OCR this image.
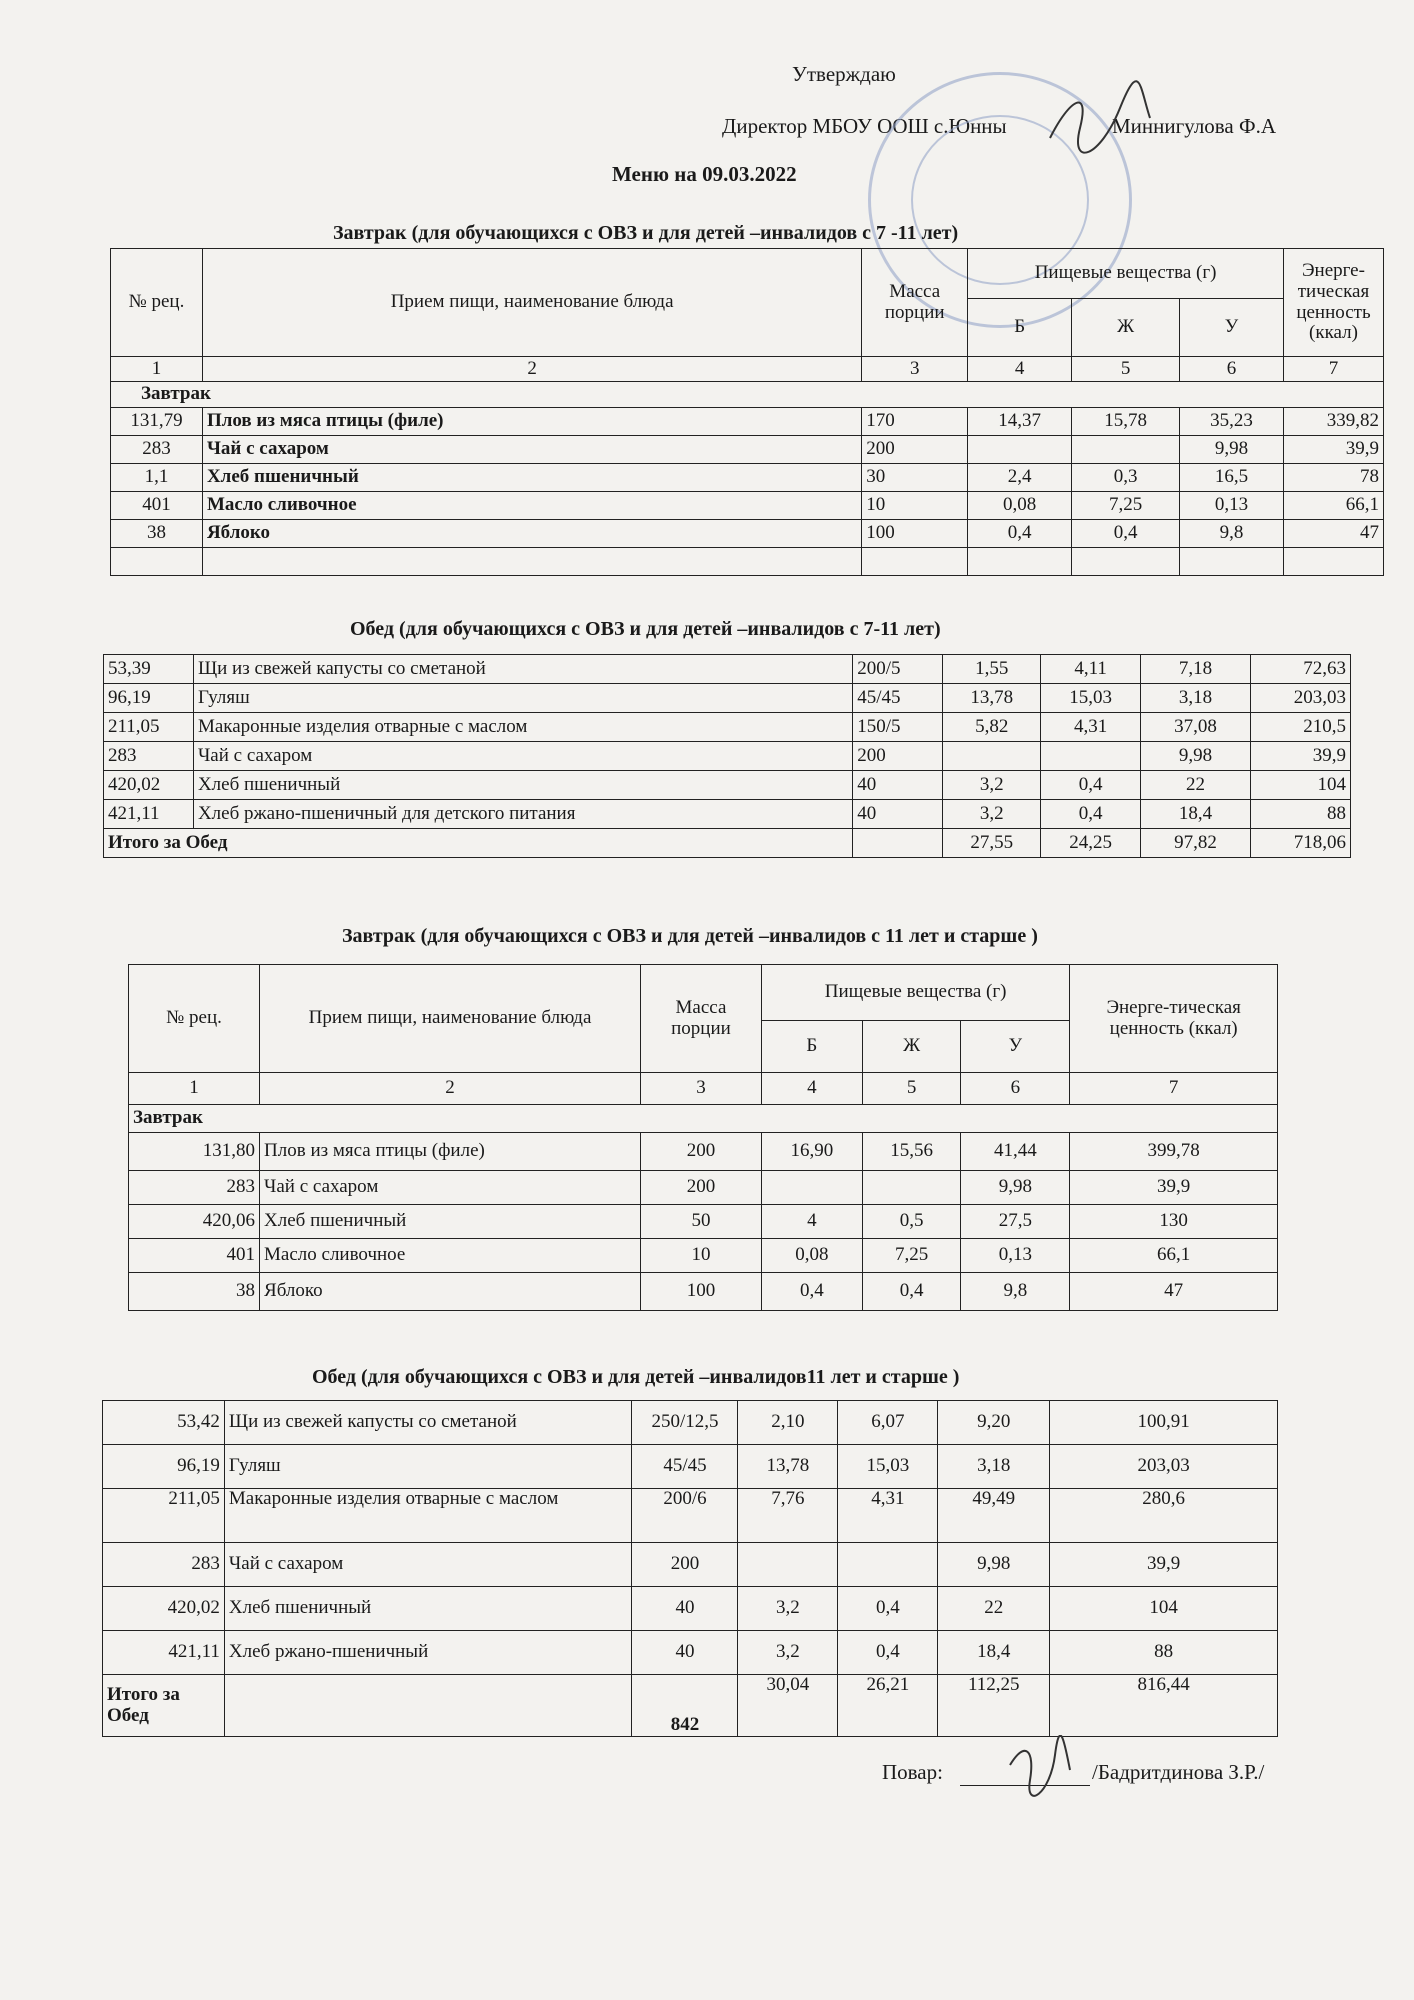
Утверждаю
Директор МБОУ ООШ с.Юнны	Миннигулова Ф.А
Меню на 09.03.2022
Завтрак (для обучающихся с ОВЗ и для детей –инвалидов с 7 -11 лет)
№ рец.	Прием пищи, наименование блюда	Масса порции	Пищевые вещества (г)			Энерге-тическая ценность (ккал)
			Б	Ж	У	
1	2	3	4	5	6	7
Завтрак						
131,79	Плов из мяса птицы (филе)	170	14,37	15,78	35,23	339,82
283	Чай с сахаром	200			9,98	39,9
1,1	Хлеб пшеничный	30	2,4	0,3	16,5	78
401	Масло сливочное	10	0,08	7,25	0,13	66,1
38	Яблоко	100	0,4	0,4	9,8	47

Обед (для обучающихся с ОВЗ и для детей –инвалидов с 7-11 лет)
53,39	Щи из свежей капусты со сметаной	200/5	1,55	4,11	7,18	72,63
96,19	Гуляш	45/45	13,78	15,03	3,18	203,03
211,05	Макаронные изделия отварные с маслом	150/5	5,82	4,31	37,08	210,5
283	Чай с сахаром	200			9,98	39,9
420,02	Хлеб пшеничный	40	3,2	0,4	22	104
421,11	Хлеб ржано-пшеничный для детского питания	40	3,2	0,4	18,4	88
Итого за Обед			27,55	24,25	97,82	718,06
Завтрак (для обучающихся с ОВЗ и для детей –инвалидов с 11 лет и старше )
№ рец.	Прием пищи, наименование блюда	Масса порции	Пищевые вещества (г)			Энерге-тическая ценность (ккал)
			Б	Ж	У	
1	2	3	4	5	6	7
Завтрак						
131,80	Плов из мяса птицы (филе)	200	16,90	15,56	41,44	399,78
283	Чай с сахаром	200			9,98	39,9
420,06	Хлеб пшеничный	50	4	0,5	27,5	130
401	Масло сливочное	10	0,08	7,25	0,13	66,1
38	Яблоко	100	0,4	0,4	9,8	47
Обед (для обучающихся с ОВЗ и для детей –инвалидов11 лет и старше )
53,42	Щи из свежей капусты со сметаной	250/12,5	2,10	6,07	9,20	100,91
96,19	Гуляш	45/45	13,78	15,03	3,18	203,03
211,05	Макаронные изделия отварные с маслом	200/6	7,76	4,31	49,49	280,6
283	Чай с сахаром	200			9,98	39,9
420,02	Хлеб пшеничный	40	3,2	0,4	22	104
421,11	Хлеб ржано-пшеничный	40	3,2	0,4	18,4	88
Итого за Обед		842	30,04	26,21	112,25	816,44
Повар:	/Бадритдинова З.Р./
